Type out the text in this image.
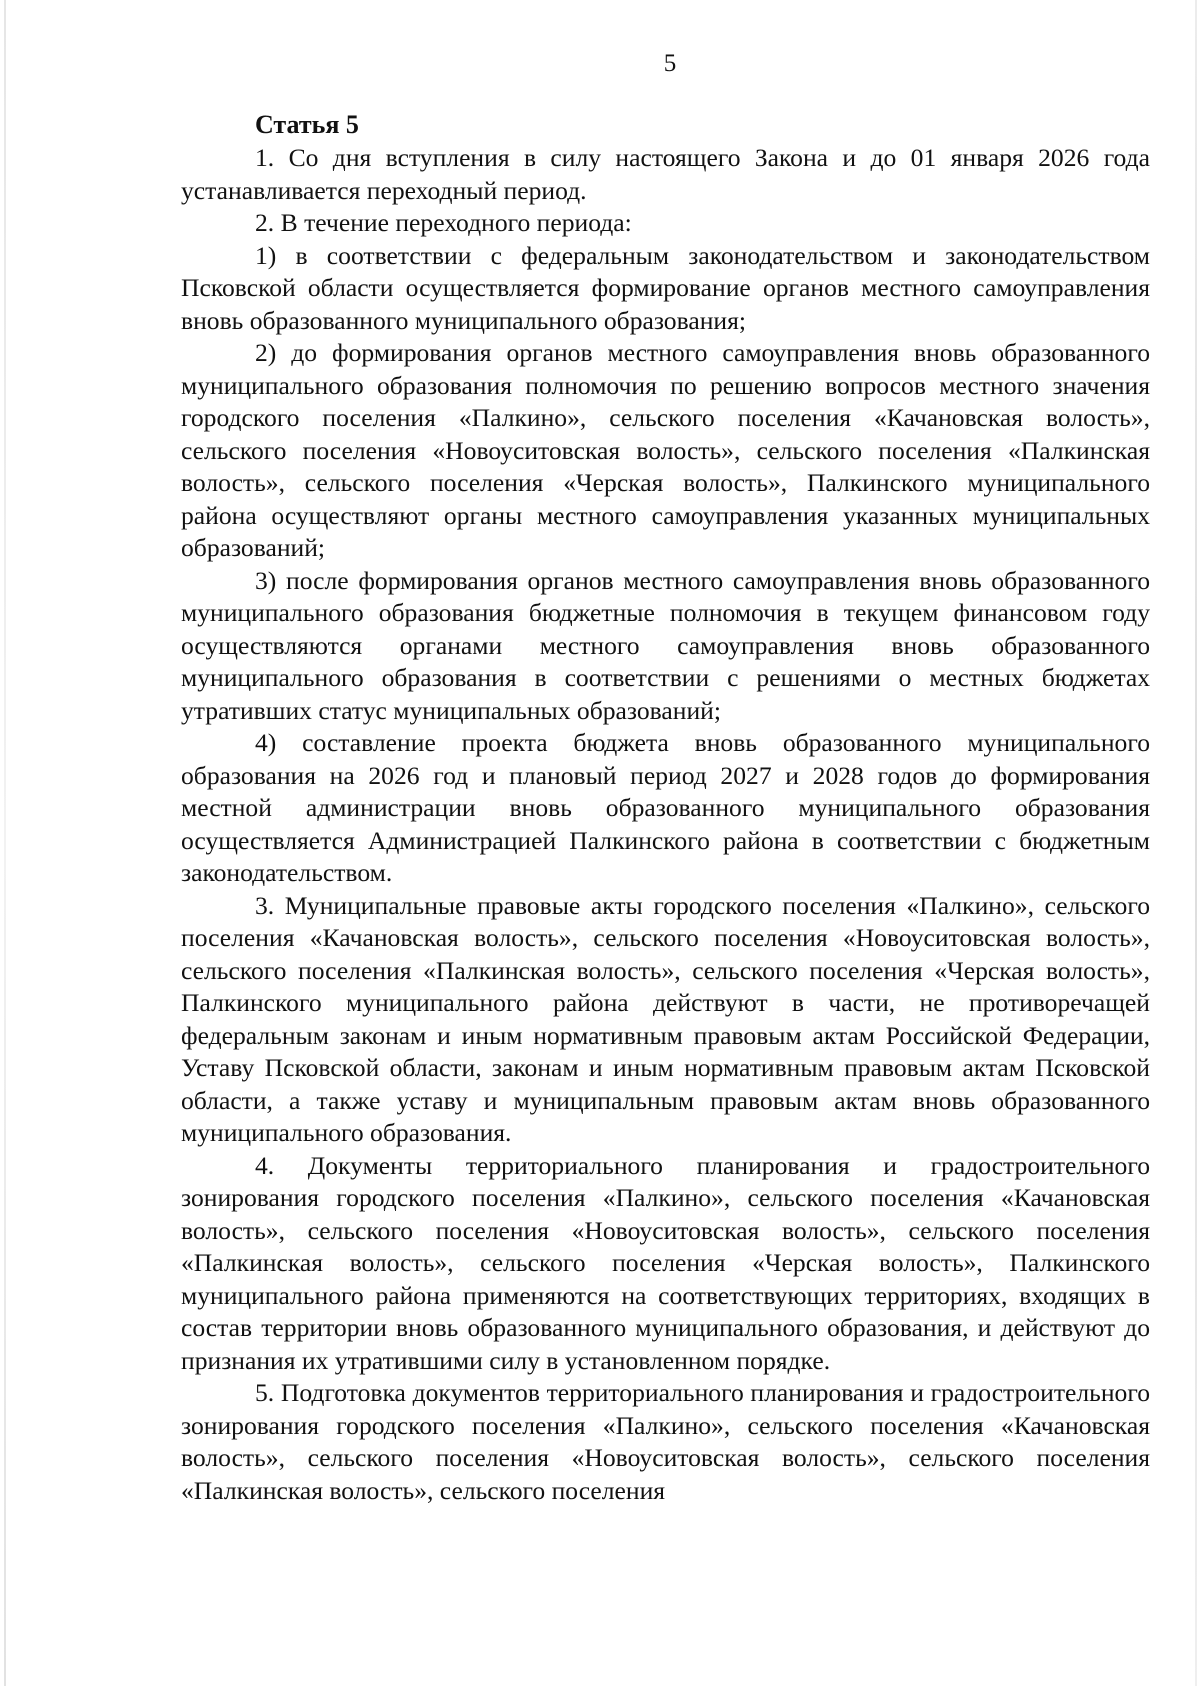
5

Статья 5

1. Со дня вступления в силу настоящего Закона и до 01 января 2026 года устанавливается переходный период.

2. В течение переходного периода:

1) в соответствии с федеральным законодательством и законодательством Псковской области осуществляется формирование органов местного самоуправления вновь образованного муниципального образования;

2) до формирования органов местного самоуправления вновь образованного муниципального образования полномочия по решению вопросов местного значения городского поселения «Палкино», сельского поселения «Качановская волость», сельского поселения «Новоуситовская волость», сельского поселения «Палкинская волость», сельского поселения «Черская волость», Палкинского муниципального района осуществляют органы местного самоуправления указанных муниципальных образований;

3) после формирования органов местного самоуправления вновь образованного муниципального образования бюджетные полномочия в текущем финансовом году осуществляются органами местного самоуправления вновь образованного муниципального образования в соответствии с решениями о местных бюджетах утративших статус муниципальных образований;

4) составление проекта бюджета вновь образованного муниципального образования на 2026 год и плановый период 2027 и 2028 годов до формирования местной администрации вновь образованного муниципального образования осуществляется Администрацией Палкинского района в соответствии с бюджетным законодательством.

3. Муниципальные правовые акты городского поселения «Палкино», сельского поселения «Качановская волость», сельского поселения «Новоуситовская волость», сельского поселения «Палкинская волость», сельского поселения «Черская волость», Палкинского муниципального района действуют в части, не противоречащей федеральным законам и иным нормативным правовым актам Российской Федерации, Уставу Псковской области, законам и иным нормативным правовым актам Псковской области, а также уставу и муниципальным правовым актам вновь образованного муниципального образования.

4. Документы территориального планирования и градостроительного зонирования городского поселения «Палкино», сельского поселения «Качановская волость», сельского поселения «Новоуситовская волость», сельского поселения «Палкинская волость», сельского поселения «Черская волость», Палкинского муниципального района применяются на соответствующих территориях, входящих в состав территории вновь образованного муниципального образования, и действуют до признания их утратившими силу в установленном порядке.

5. Подготовка документов территориального планирования и градостроительного зонирования городского поселения «Палкино», сельского поселения «Качановская волость», сельского поселения «Новоуситовская волость», сельского поселения «Палкинская волость», сельского поселения
